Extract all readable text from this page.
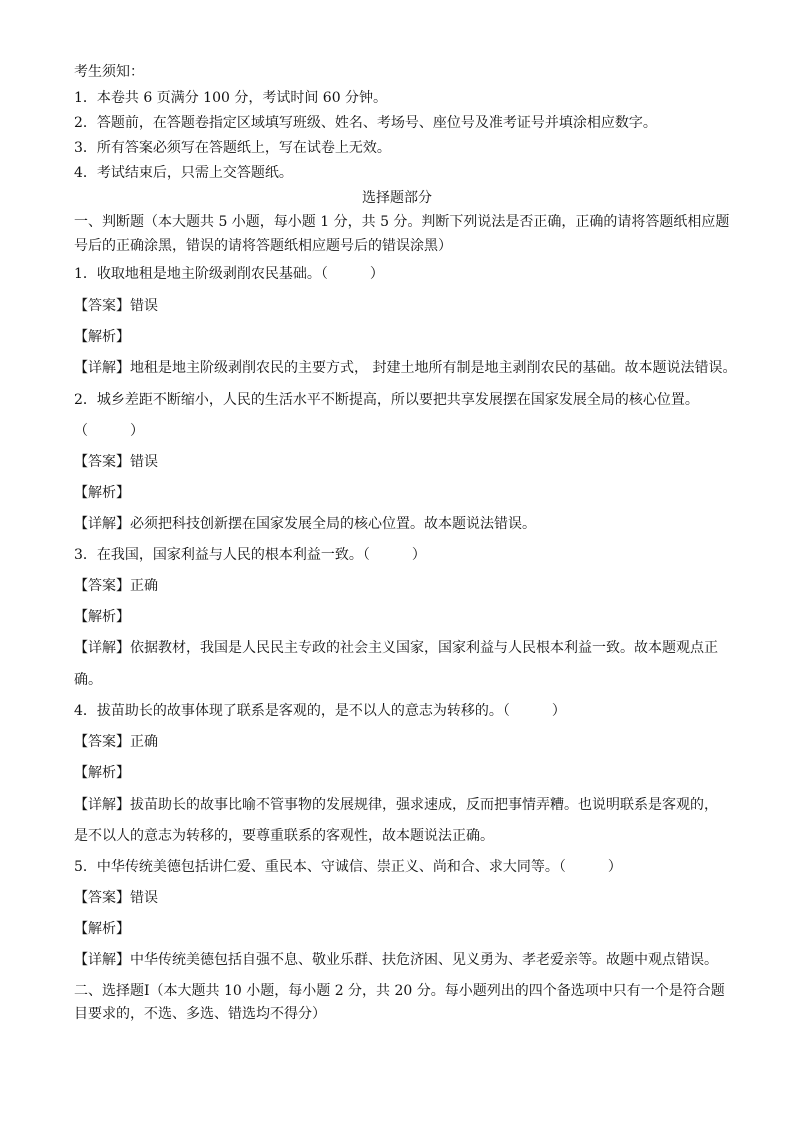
考生须知：
1．本卷共 6 页满分 100 分，考试时间 60 分钟。
2．答题前，在答题卷指定区域填写班级、姓名、考场号、座位号及准考证号并填涂相应数字。
3．所有答案必须写在答题纸上，写在试卷上无效。
4．考试结束后，只需上交答题纸。
选择题部分
一、判断题（本大题共 5 小题，每小题 1 分，共 5 分。判断下列说法是否正确，正确的请将答题纸相应题
号后的正确涂黑，错误的请将答题纸相应题号后的错误涂黑）
1．收取地租是地主阶级剥削农民基础。（　　　）
【答案】错误
【解析】
【详解】地租是地主阶级剥削农民的主要方式， 封建土地所有制是地主剥削农民的基础。故本题说法错误。
2．城乡差距不断缩小，人民的生活水平不断提高，所以要把共享发展摆在国家发展全局的核心位置。
（　　　）
【答案】错误
【解析】
【详解】必须把科技创新摆在国家发展全局的核心位置。故本题说法错误。
3．在我国，国家利益与人民的根本利益一致。（　　　）
【答案】正确
【解析】
【详解】依据教材，我国是人民民主专政的社会主义国家，国家利益与人民根本利益一致。故本题观点正
确。
4．拔苗助长的故事体现了联系是客观的，是不以人的意志为转移的。（　　　）
【答案】正确
【解析】
【详解】拔苗助长的故事比喻不管事物的发展规律，强求速成，反而把事情弄糟。也说明联系是客观的，
是不以人的意志为转移的，要尊重联系的客观性，故本题说法正确。
5．中华传统美德包括讲仁爱、重民本、守诚信、崇正义、尚和合、求大同等。（　　　）
【答案】错误
【解析】
【详解】中华传统美德包括自强不息、敬业乐群、扶危济困、见义勇为、孝老爱亲等。故题中观点错误。
二、选择题Ⅰ（本大题共 10 小题，每小题 2 分，共 20 分。每小题列出的四个备选项中只有一个是符合题
目要求的，不选、多选、错选均不得分）
